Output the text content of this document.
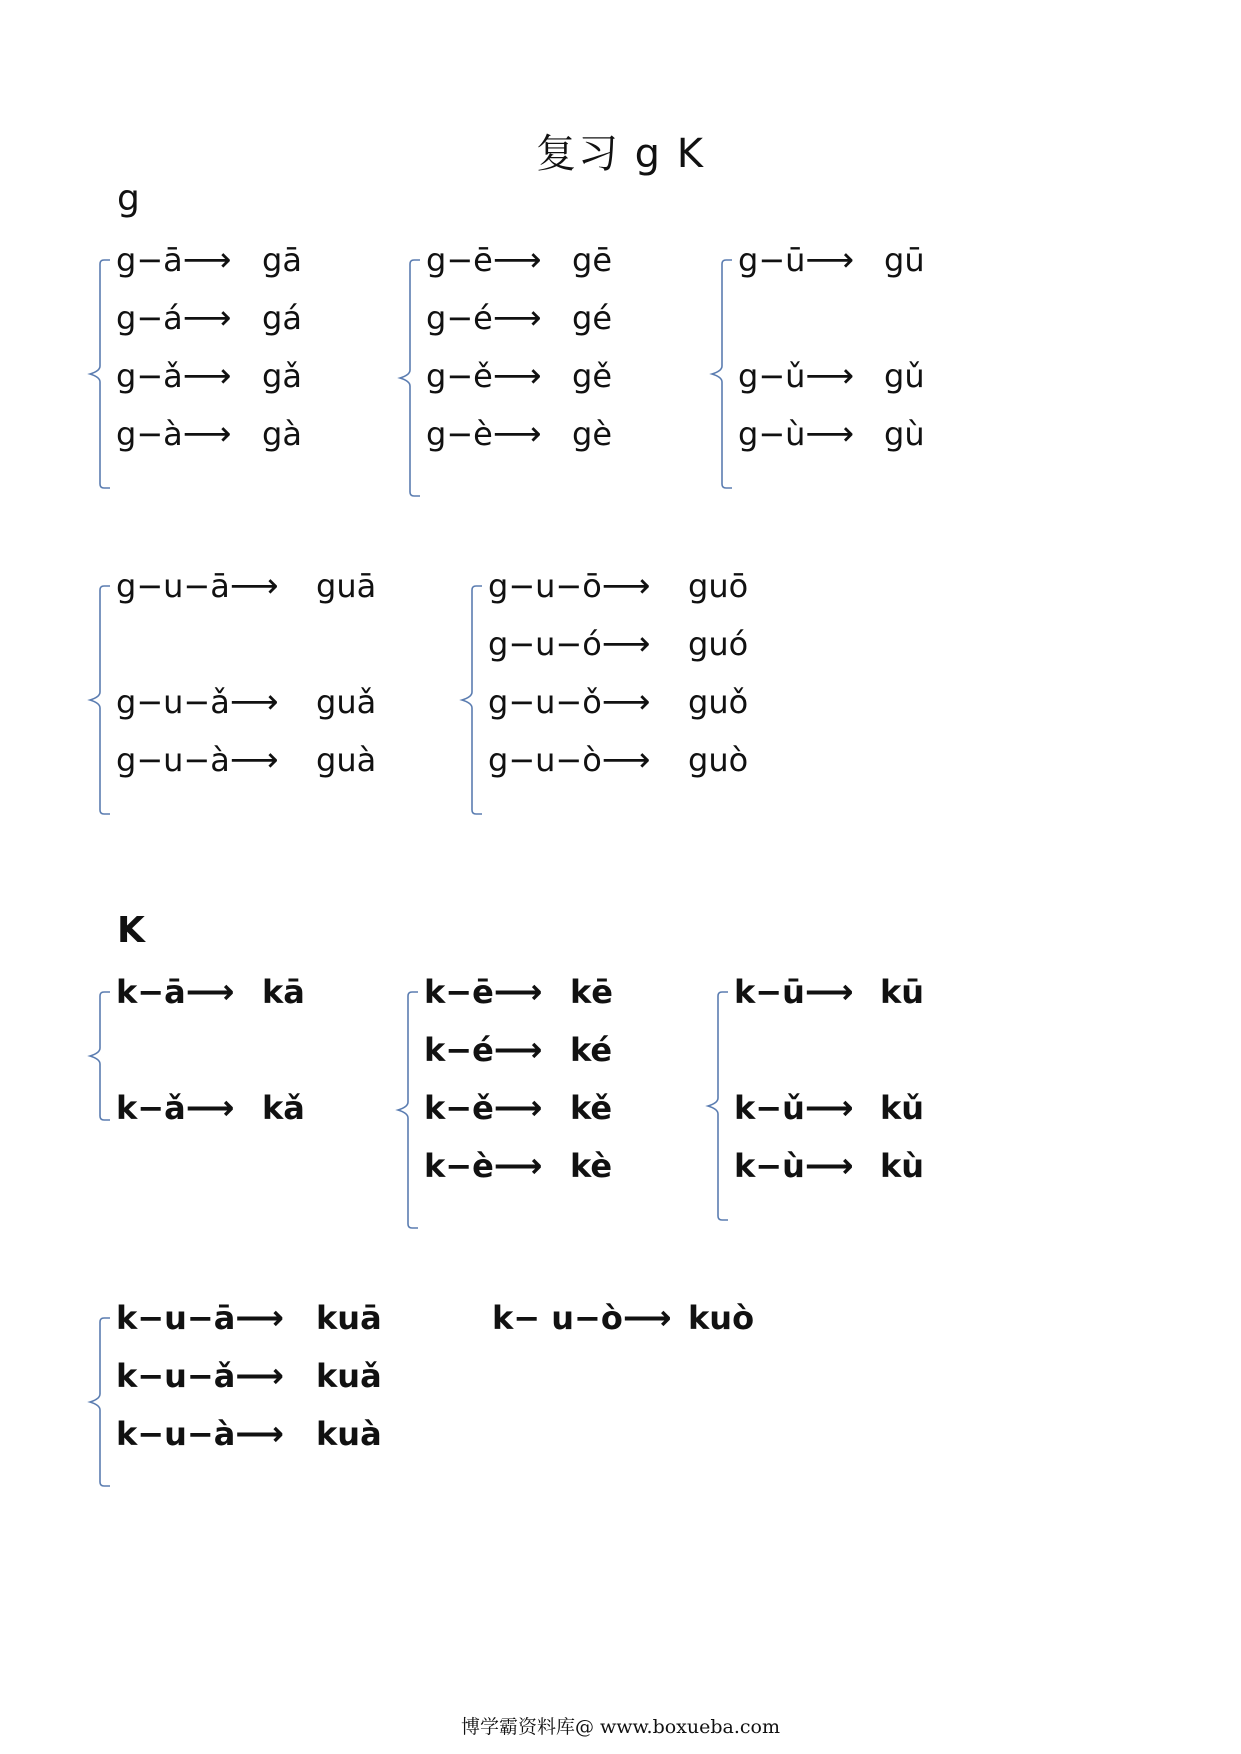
复习 g K
g
g−ā⟶ gā
g−á⟶ gá
g−ǎ⟶ gǎ
g−à⟶ gà
g−ē⟶ gē
g−é⟶ gé
g−ě⟶ gě
g−è⟶ gè
g−ū⟶ gū
g−ǔ⟶ gǔ
g−ù⟶ gù
g−u−ā⟶ guā
g−u−ǎ⟶ guǎ
g−u−à⟶ guà
g−u−ō⟶ guō
g−u−ó⟶ guó
g−u−ǒ⟶ guǒ
g−u−ò⟶ guò
K
k−ā⟶ kā
k−ǎ⟶ kǎ
k−ē⟶ kē
k−é⟶ ké
k−ě⟶ kě
k−è⟶ kè
k−ū⟶ kū
k−ǔ⟶ kǔ
k−ù⟶ kù
k−u−ā⟶ kuā
k−u−ǎ⟶ kuǎ
k−u−à⟶ kuà
k− u−ò⟶ kuò
博学霸资料库@ www.boxueba.com
